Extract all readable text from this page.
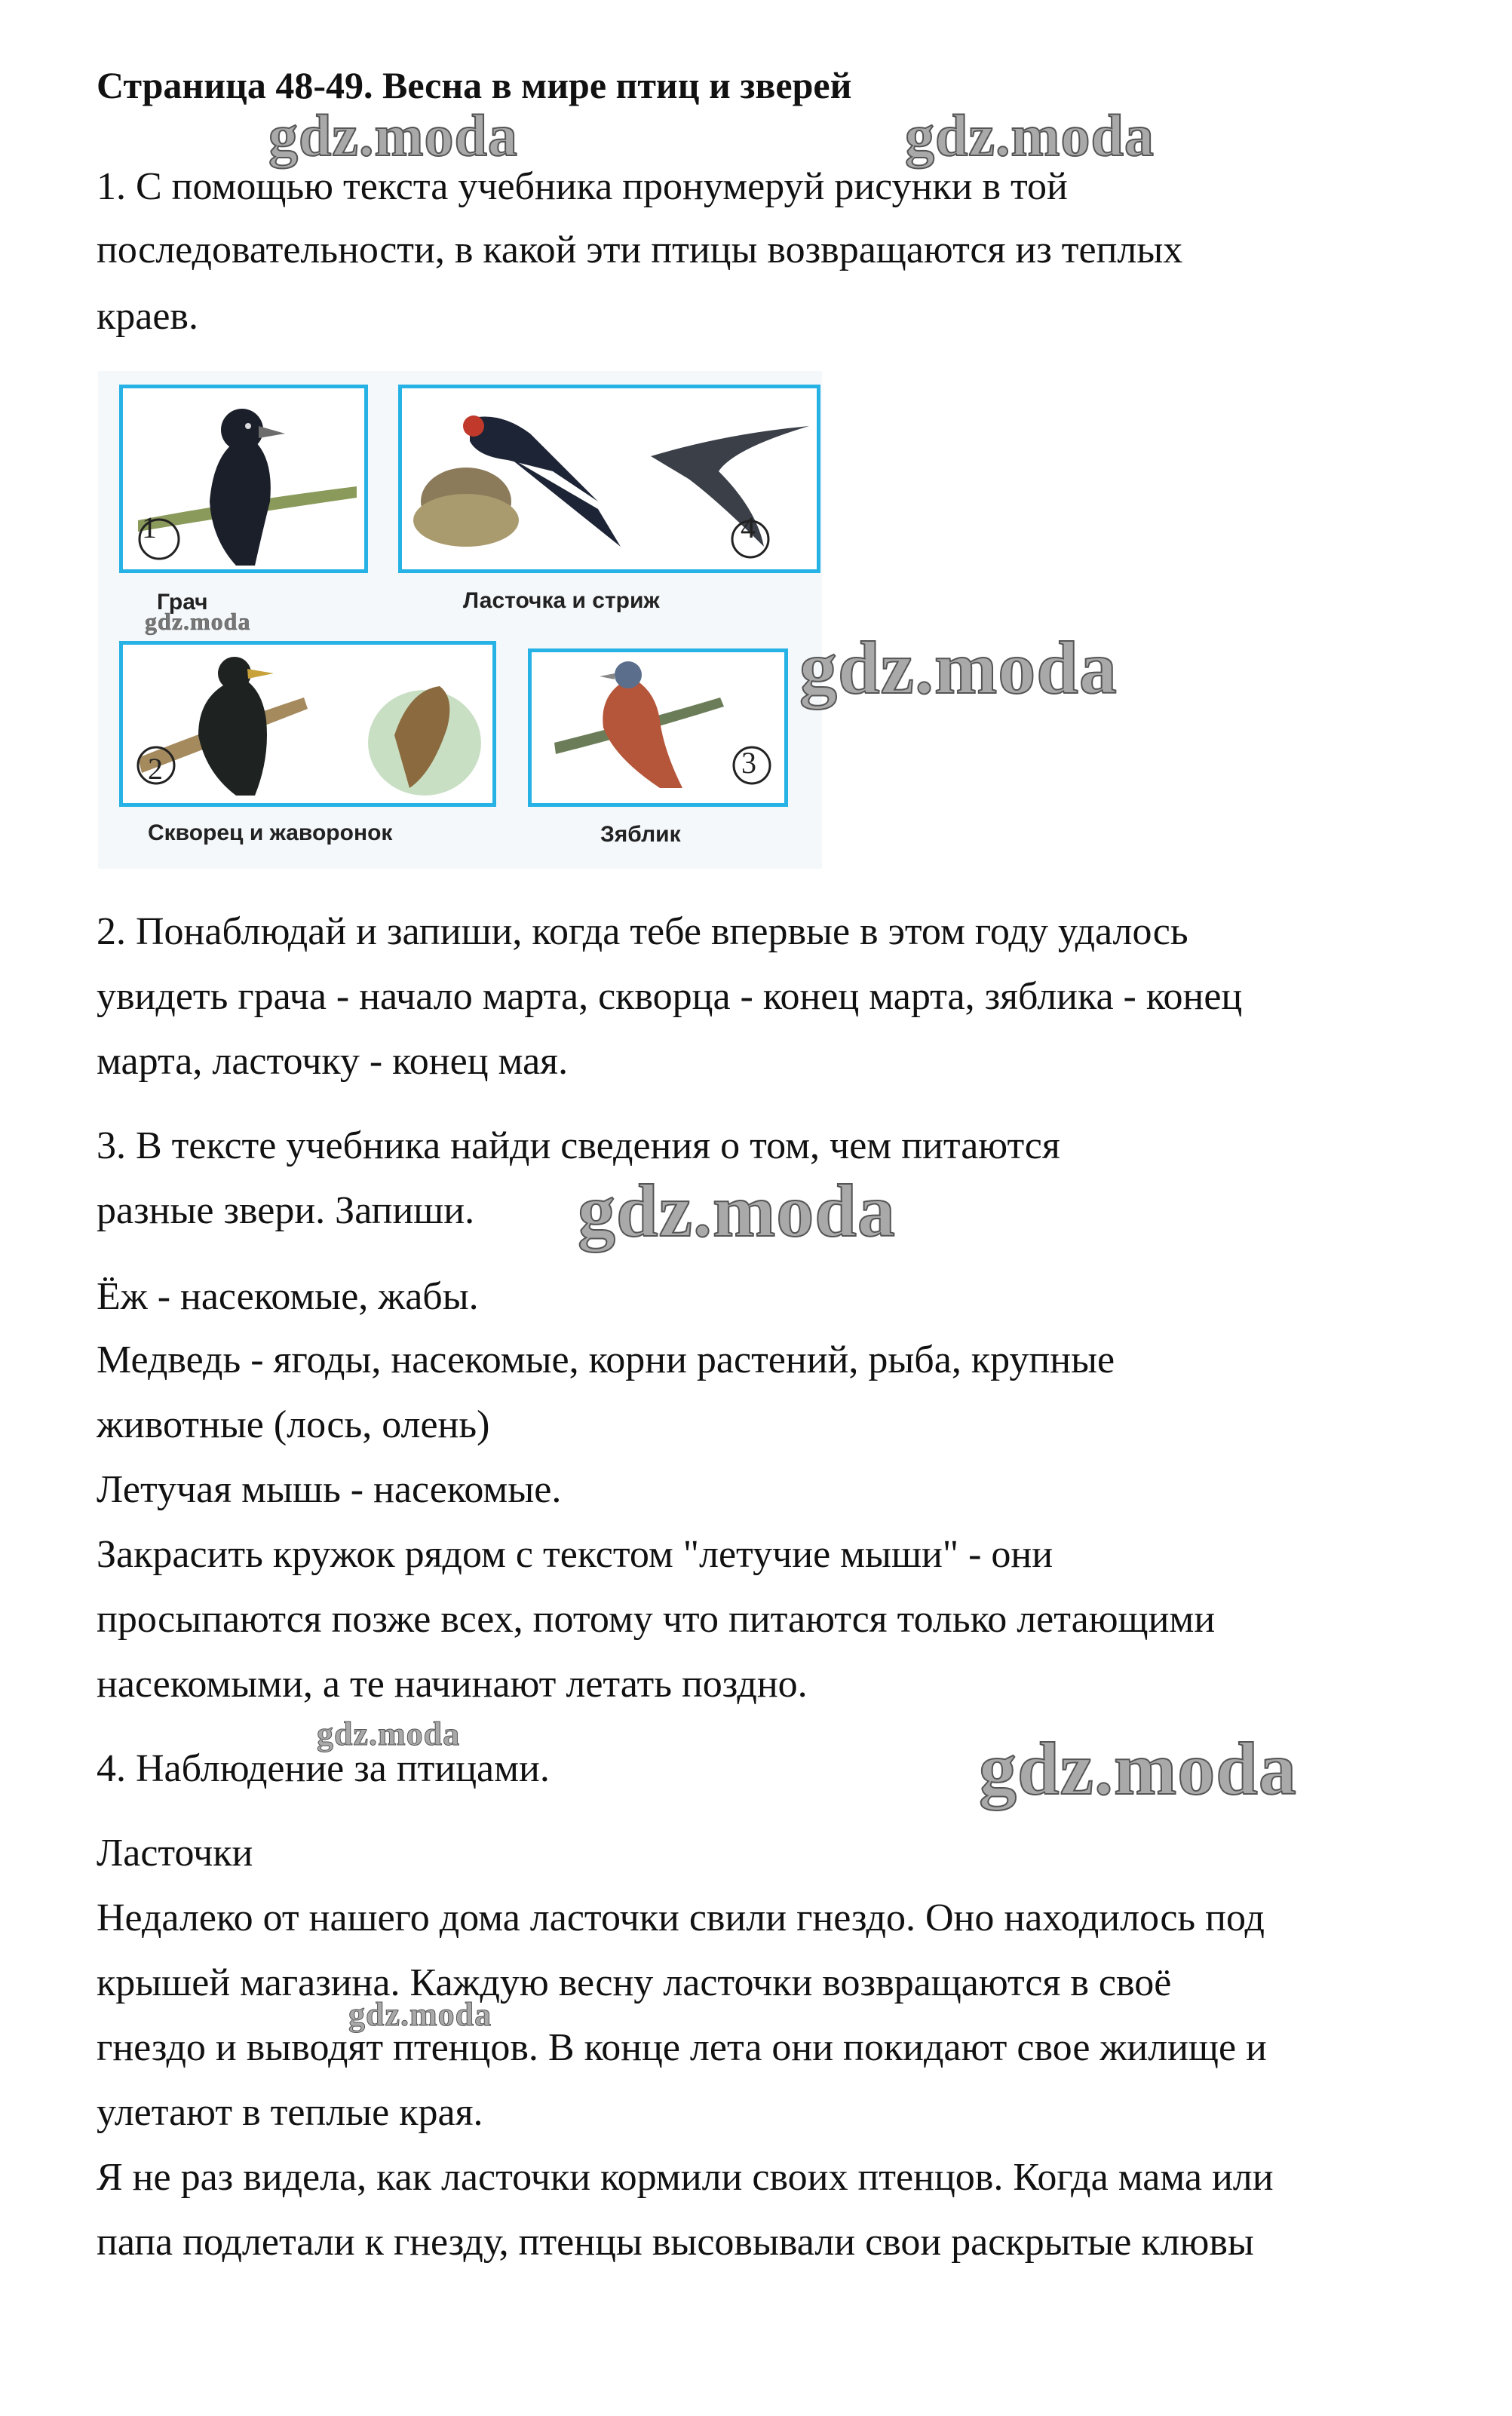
Страница 48-49. Весна в мире птиц и зверей
gdz.moda	gdz.moda
1. С помощью текста учебника пронумеруй рисунки в той
последовательности, в какой эти птицы возвращаются из теплых
краев.
Грач
1
Ласточка и стриж
4
gdz.moda
gdz.moda
Скворец и жаворонок
2
Зяблик
3
2. Понаблюдай и запиши, когда тебе впервые в этом году удалось
увидеть грача - начало марта, скворца - конец марта, зяблика - конец
марта, ласточку - конец мая.
3. В тексте учебника найди сведения о том, чем питаются
разные звери. Запиши. gdz.moda
Ёж - насекомые, жабы.
Медведь - ягоды, насекомые, корни растений, рыба, крупные
животные (лось, олень)
Летучая мышь - насекомые.
Закрасить кружок рядом с текстом "летучие мыши" - они
просыпаются позже всех, потому что питаются только летающими
насекомыми, а те начинают летать поздно.
gdz.moda
4. Наблюдение за птицами.	gdz.moda
Ласточки
Недалеко от нашего дома ласточки свили гнездо. Оно находилось под
крышей магазина. Каждую весну ласточки возвращаются в своё
gdz.moda
гнездо и выводят птенцов. В конце лета они покидают свое жилище и
улетают в теплые края.
Я не раз видела, как ласточки кормили своих птенцов. Когда мама или
папа подлетали к гнезду, птенцы высовывали свои раскрытые клювы
